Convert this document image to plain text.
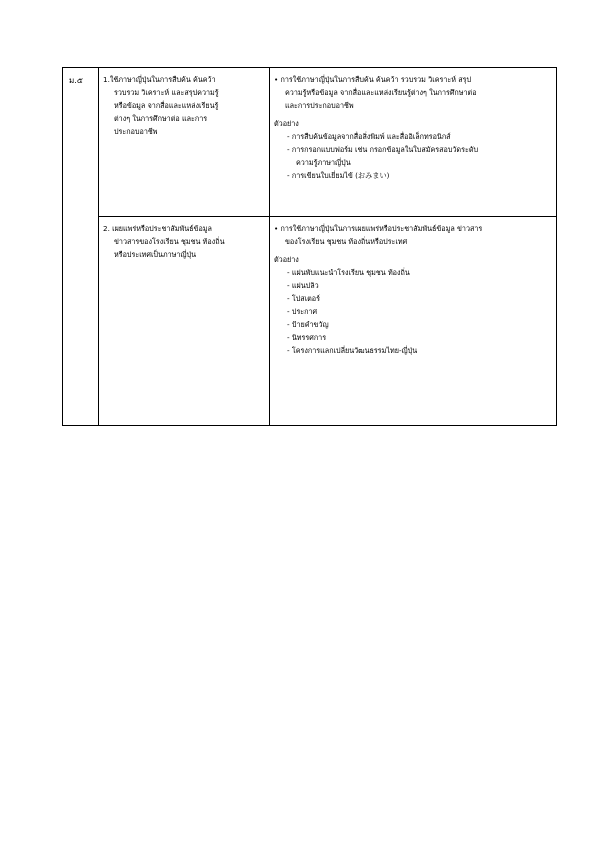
ม.๕	1.ใช้ภาษาญี่ปุ่นในการสืบค้น ค้นคว้า
รวบรวม วิเคราะห์ และสรุปความรู้
หรือข้อมูล จากสื่อและแหล่งเรียนรู้
ต่างๆ ในการศึกษาต่อ และการ
ประกอบอาชีพ
• การใช้ภาษาญี่ปุ่นในการสืบค้น ค้นคว้า รวบรวม วิเคราะห์ สรุป
ความรู้หรือข้อมูล จากสื่อและแหล่งเรียนรู้ต่างๆ ในการศึกษาต่อ
และการประกอบอาชีพ
ตัวอย่าง
- การสืบค้นข้อมูลจากสื่อสิ่งพิมพ์ และสื่ออิเล็กทรอนิกส์
- การกรอกแบบฟอร์ม เช่น กรอกข้อมูลในใบสมัครสอบวัดระดับ
ความรู้ภาษาญี่ปุ่น
- การเขียนใบเยี่ยมไข้ (おみまい)
2. เผยแพร่หรือประชาสัมพันธ์ข้อมูล
ข่าวสารของโรงเรียน ชุมชน ท้องถิ่น
หรือประเทศเป็นภาษาญี่ปุ่น
• การใช้ภาษาญี่ปุ่นในการเผยแพร่หรือประชาสัมพันธ์ข้อมูล ข่าวสาร
ของโรงเรียน ชุมชน ท้องถิ่นหรือประเทศ
ตัวอย่าง
- แผ่นพับแนะนำโรงเรียน ชุมชน ท้องถิ่น
- แผ่นปลิว
- โปสเตอร์
- ประกาศ
- ป้ายคำขวัญ
- นิทรรศการ
- โครงการแลกเปลี่ยนวัฒนธรรมไทย-ญี่ปุ่น
